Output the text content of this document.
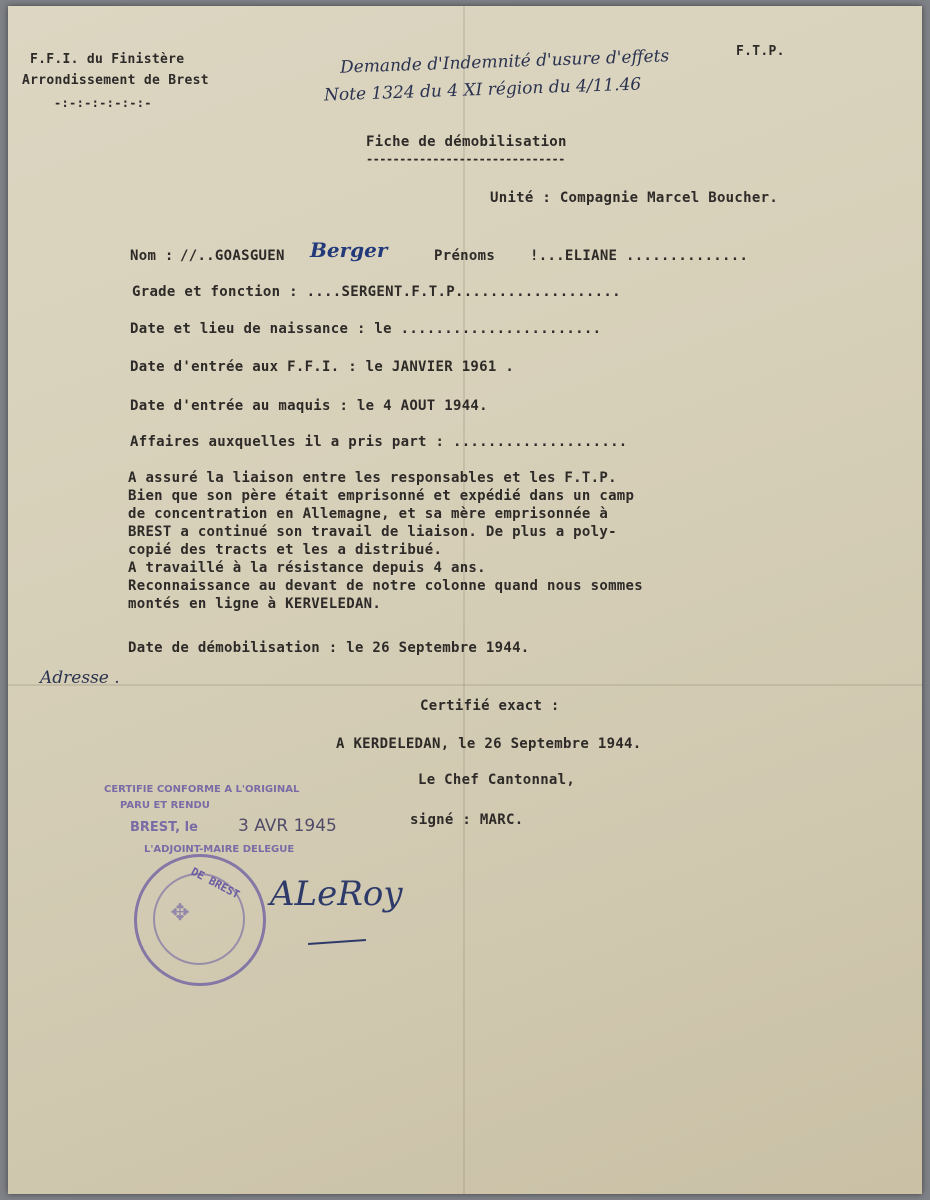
F.F.I. du Finistère
Arrondissement de Brest
-:-:-:-:-:-:-
F.T.P.
Demande d'Indemnité d'usure d'effets
Note 1324 du 4 XI région du 4/11.46
Fiche de démobilisation
------------------------------
Unité : Compagnie Marcel Boucher.
Nom : //..GOASGUEN Berger	Prénoms !...ELIANE ..............
Grade et fonction : ....SERGENT.F.T.P...................
Date et lieu de naissance : le .......................
Date d'entrée aux F.F.I. : le JANVIER 1961 .
Date d'entrée au maquis : le 4 AOUT 1944.
Affaires auxquelles il a pris part : ....................
A assuré la liaison entre les responsables et les F.T.P.
Bien que son père était emprisonné et expédié dans un camp
de concentration en Allemagne, et sa mère emprisonnée à
BREST a continué son travail de liaison. De plus a poly-
copié des tracts et les a distribué.
A travaillé à la résistance depuis 4 ans.
Reconnaissance au devant de notre colonne quand nous sommes
montés en ligne à KERVELEDAN.
Date de démobilisation : le 26 Septembre 1944.
Adresse .
Certifié exact :
A KERDELEDAN, le 26 Septembre 1944.
Le Chef Cantonnal,
signé : MARC.
CERTIFIE CONFORME A L'ORIGINAL
PARU ET RENDU
BREST, le 3 AVR 1945
L'ADJOINT-MAIRE DELEGUE
DE BREST
✥ ALeRoy
